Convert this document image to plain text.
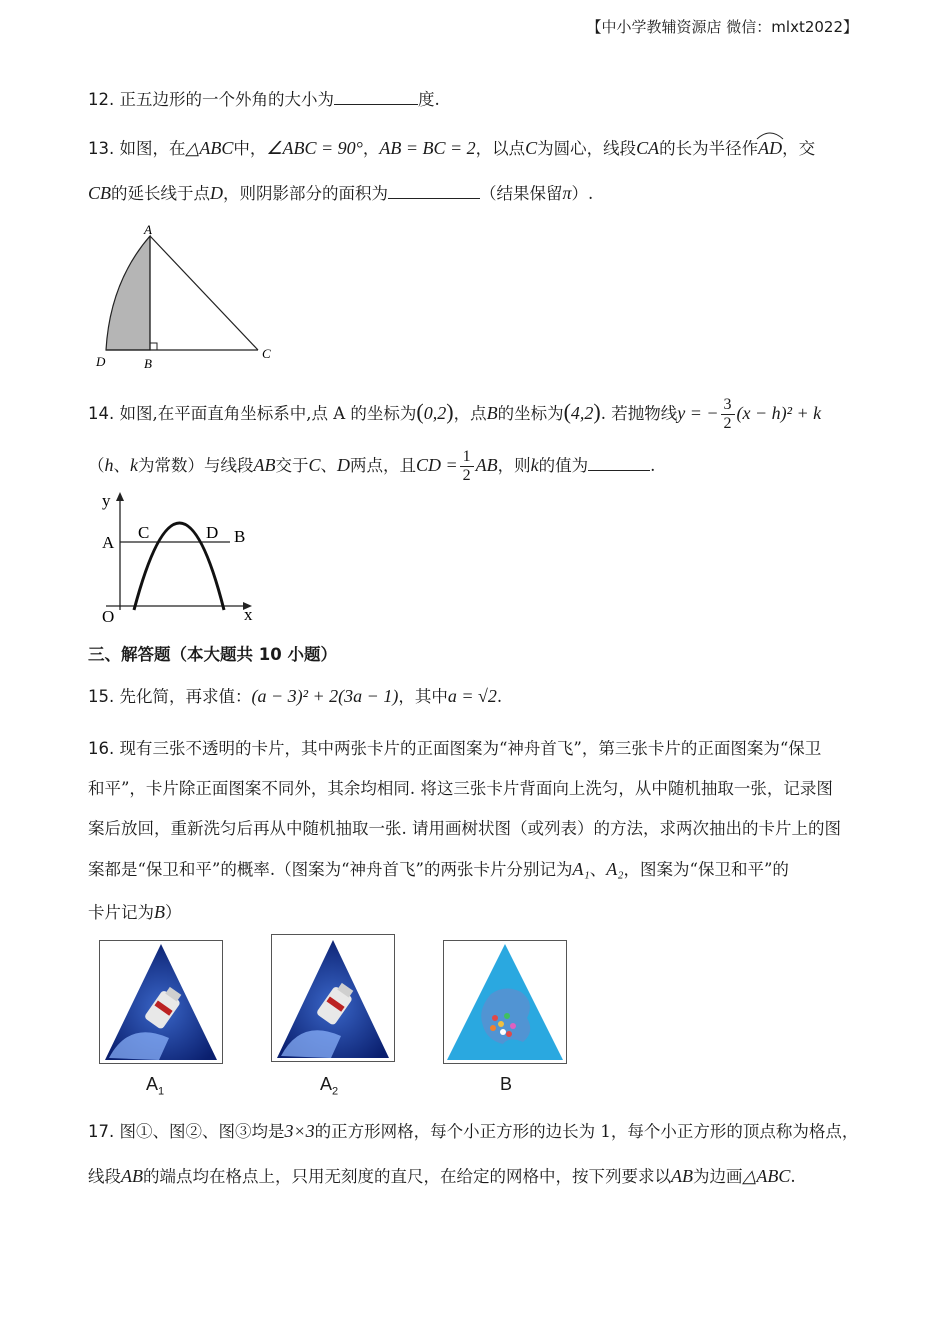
【中小学教辅资源店 微信：mlxt2022】
12. 正五边形的一个外角的大小为	度.
13. 如图，在△ABC中，∠ABC = 90°，AB = BC = 2，以点C为圆心，线段CA的长为半径作
AD，交
CB的延长线于点D，则阴影部分的面积为	（结果保留π）.
A
B
C
D
14. 如图,在平面直角坐标系中,点 A 的坐标为(0,2)，点B的坐标为(4,2). 若抛物线y = − $\frac{3}{2} (x - h)^2 + k$
（h、k为常数）与线段AB交于C、D两点，且CD = $\frac{1}{2}$ AB，则k的值为	.
y
x
O
A	B
C	D
三、解答题（本大题共 10 小题）
15. 先化简，再求值：(a − 3)² + 2(3a − 1)，其中a = √2.
16. 现有三张不透明的卡片，其中两张卡片的正面图案为“神舟首飞”，第三张卡片的正面图案为“保卫
和平”，卡片除正面图案不同外，其余均相同. 将这三张卡片背面向上洗匀，从中随机抽取一张，记录图
案后放回，重新洗匀后再从中随机抽取一张. 请用画树状图（或列表）的方法，求两次抽出的卡片上的图
案都是“保卫和平”的概率.（图案为“神舟首飞”的两张卡片分别记为A₁、A₂，图案为“保卫和平”的
卡片记为B）
$A_1$	$A_2$	B
17. 图①、图②、图③均是3×3的正方形网格，每个小正方形的边长为 1，每个小正方形的顶点称为格点，
线段AB的端点均在格点上，只用无刻度的直尺，在给定的网格中，按下列要求以AB为边画△ABC.
